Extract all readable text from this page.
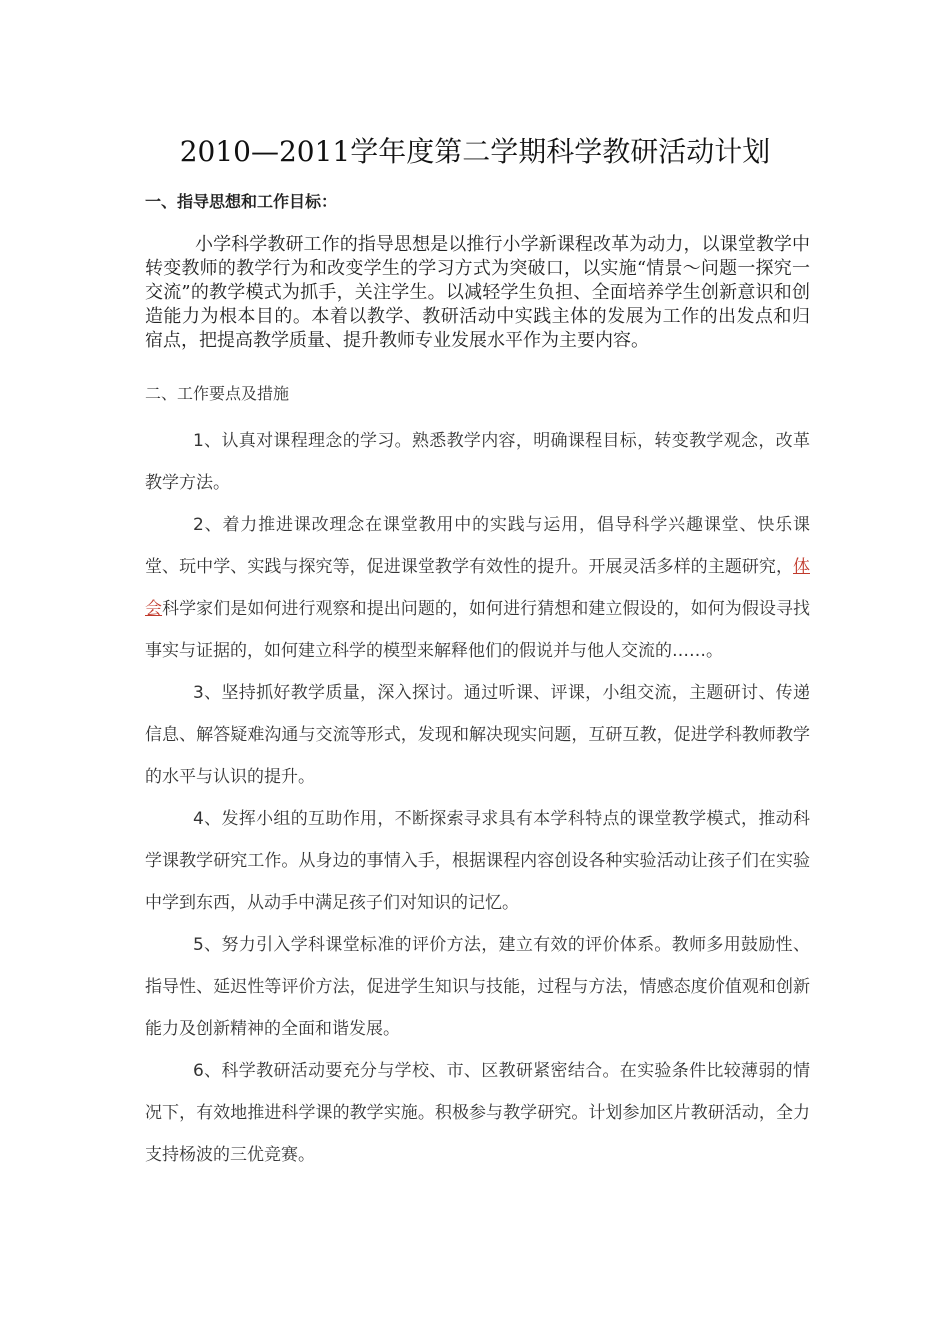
2010—2011学年度第二学期科学教研活动计划
一、指导思想和工作目标：

小学科学教研工作的指导思想是以推行小学新课程改革为动力，以课堂教学中转变教师的教学行为和改变学生的学习方式为突破口，以实施“情景～问题一探究一交流”的教学模式为抓手，关注学生。以减轻学生负担、全面培养学生创新意识和创造能力为根本目的。本着以教学、教研活动中实践主体的发展为工作的出发点和归宿点，把提高教学质量、提升教师专业发展水平作为主要内容。

二、工作要点及措施
1、认真对课程理念的学习。熟悉教学内容，明确课程目标，转变教学观念，改革教学方法。
2、着力推进课改理念在课堂教用中的实践与运用，倡导科学兴趣课堂、快乐课堂、玩中学、实践与探究等，促进课堂教学有效性的提升。开展灵活多样的主题研究，体会科学家们是如何进行观察和提出问题的，如何进行猜想和建立假设的，如何为假设寻找事实与证据的，如何建立科学的模型来解释他们的假说并与他人交流的……。
3、坚持抓好教学质量，深入探讨。通过听课、评课，小组交流，主题研讨、传递信息、解答疑难沟通与交流等形式，发现和解决现实问题，互研互教，促进学科教师教学的水平与认识的提升。
4、发挥小组的互助作用，不断探索寻求具有本学科特点的课堂教学模式，推动科学课教学研究工作。从身边的事情入手，根据课程内容创设各种实验活动让孩子们在实验中学到东西，从动手中满足孩子们对知识的记忆。
5、努力引入学科课堂标准的评价方法，建立有效的评价体系。教师多用鼓励性、指导性、延迟性等评价方法，促进学生知识与技能，过程与方法，情感态度价值观和创新能力及创新精神的全面和谐发展。
6、科学教研活动要充分与学校、市、区教研紧密结合。在实验条件比较薄弱的情况下，有效地推进科学课的教学实施。积极参与教学研究。计划参加区片教研活动，全力支持杨波的三优竞赛。
